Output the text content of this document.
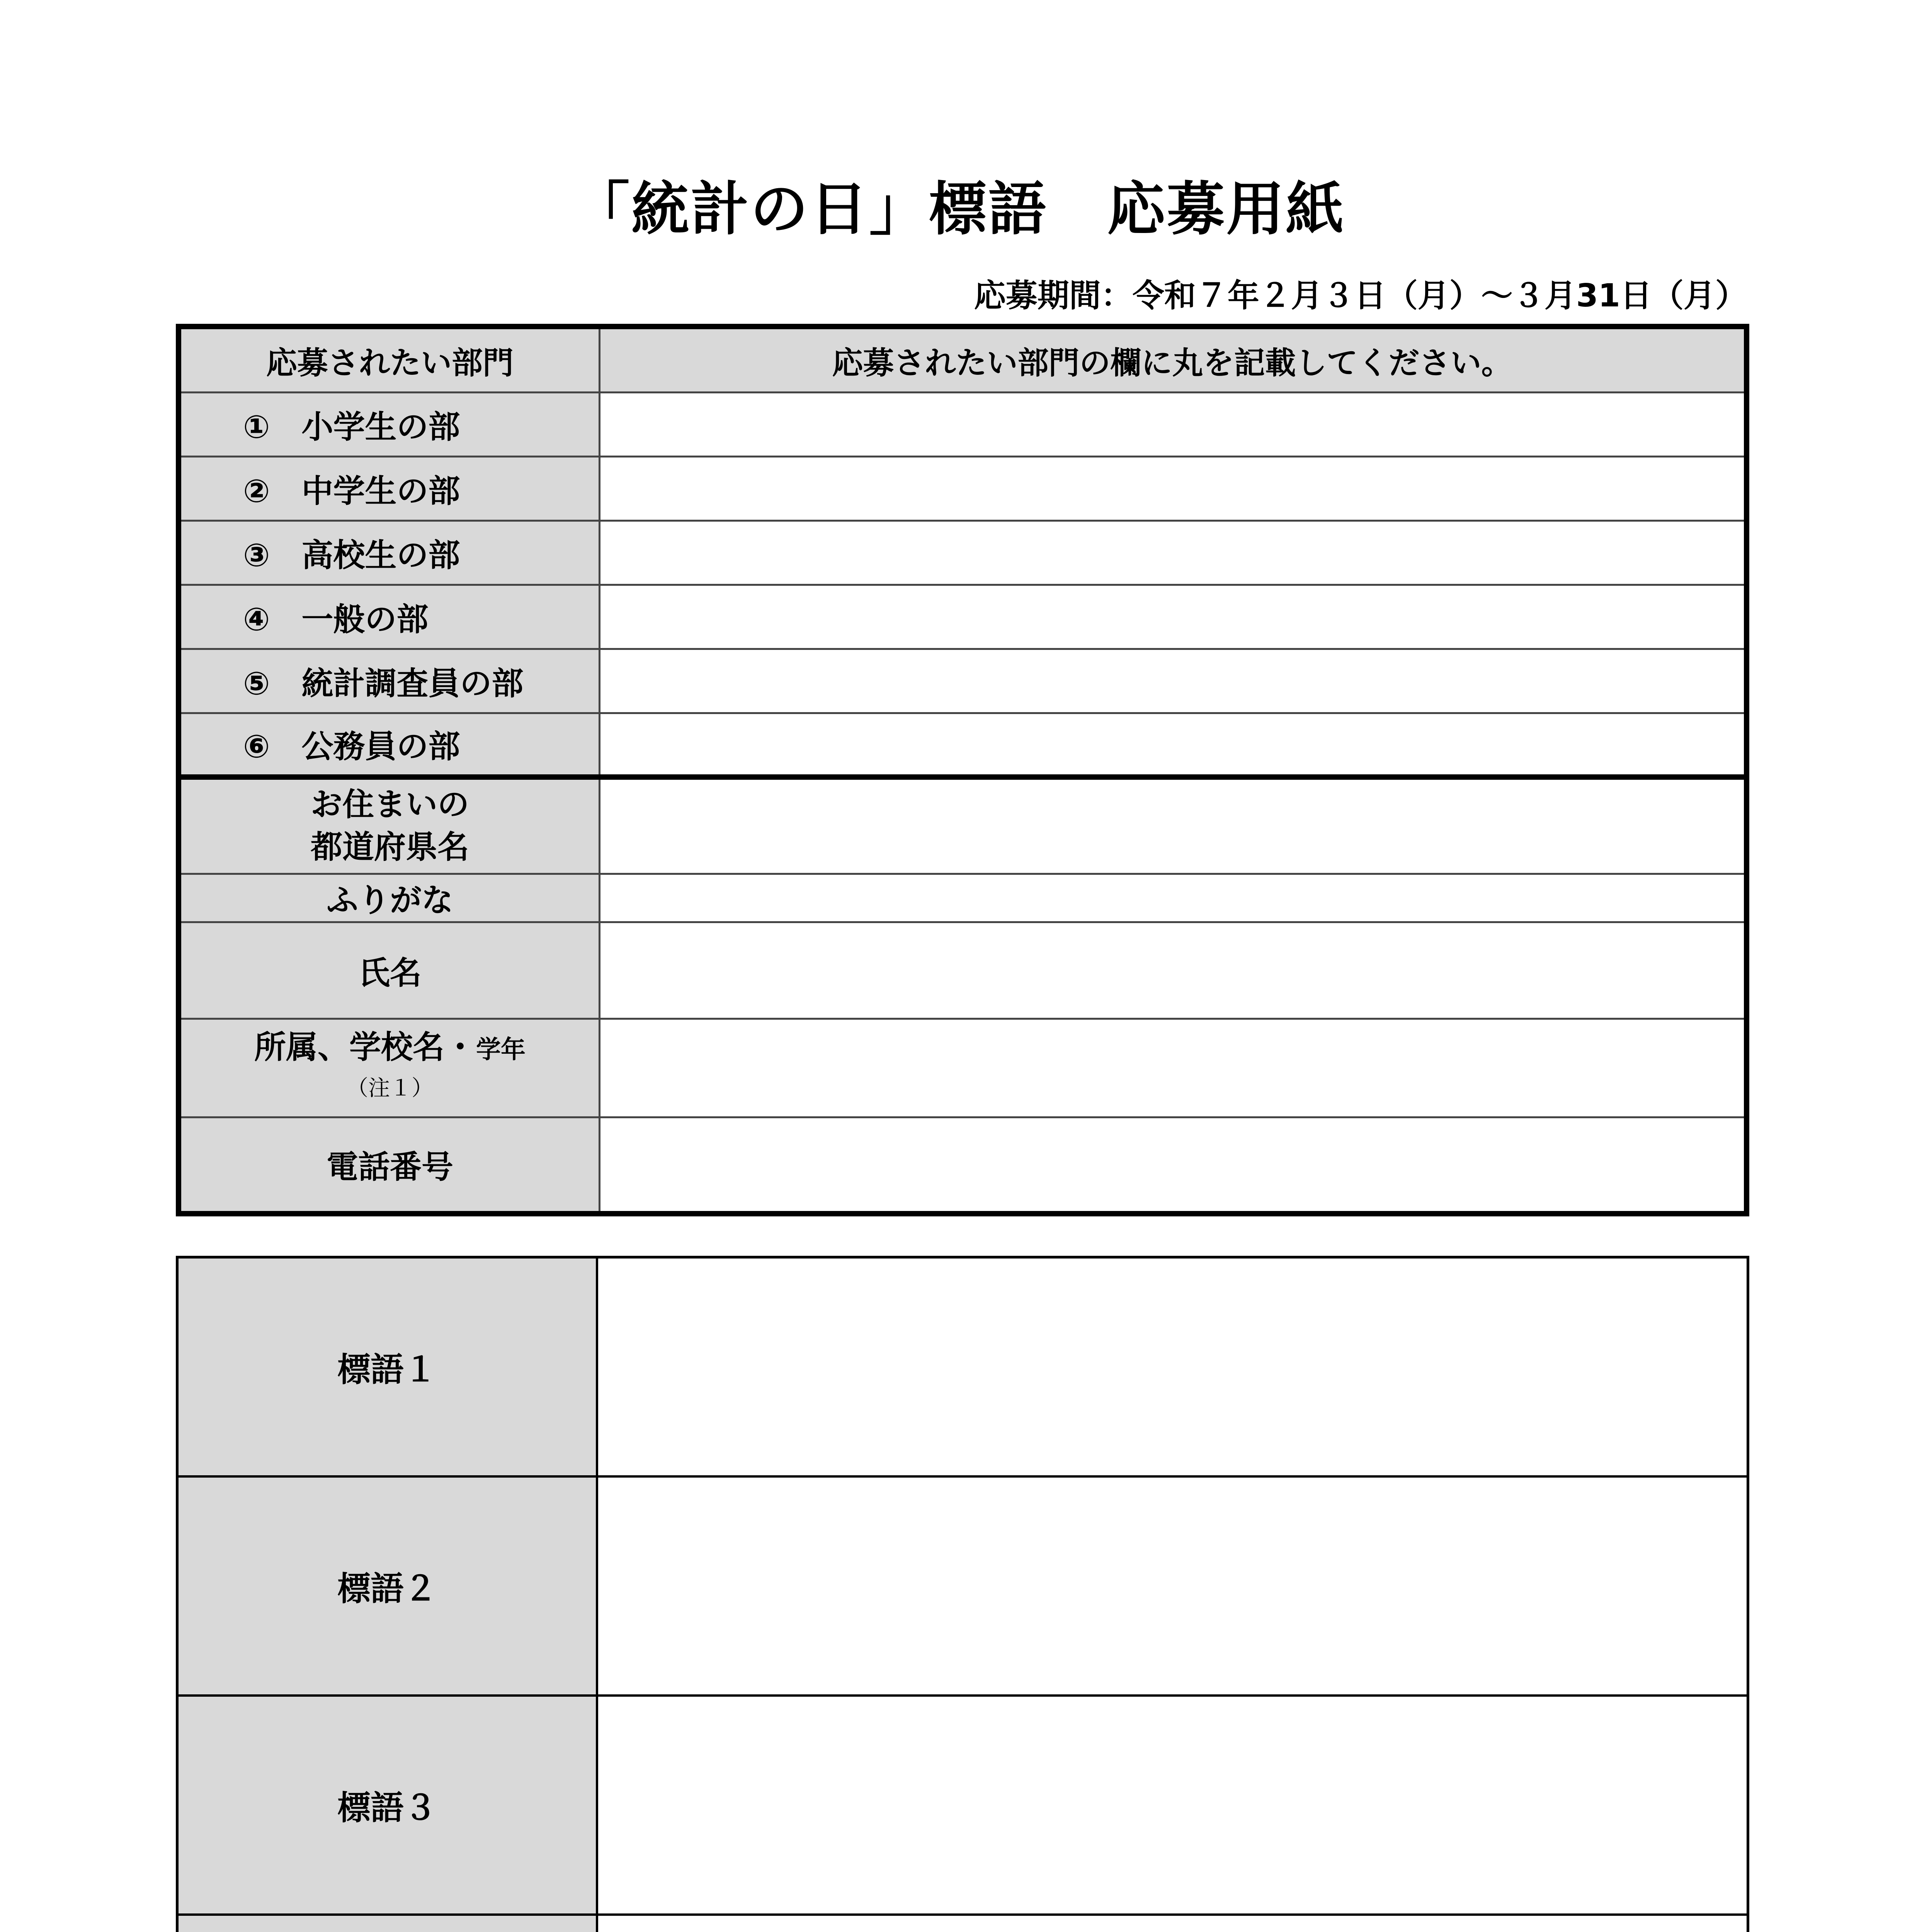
「統計の日」標語　応募用紙
応募期間：令和７年２月３日（月）～３月31日（月）
応募されたい部門	応募されたい部門の欄に丸を記載してください。
①　小学生の部	
②　中学生の部	
③　高校生の部	
④　一般の部	
⑤　統計調査員の部	
⑥　公務員の部	

お住まいの
都道府県名	

ふりがな	
氏名	

所属、学校名・学年
（注１）	

電話番号	
標語１	
標語２	
標語３	
